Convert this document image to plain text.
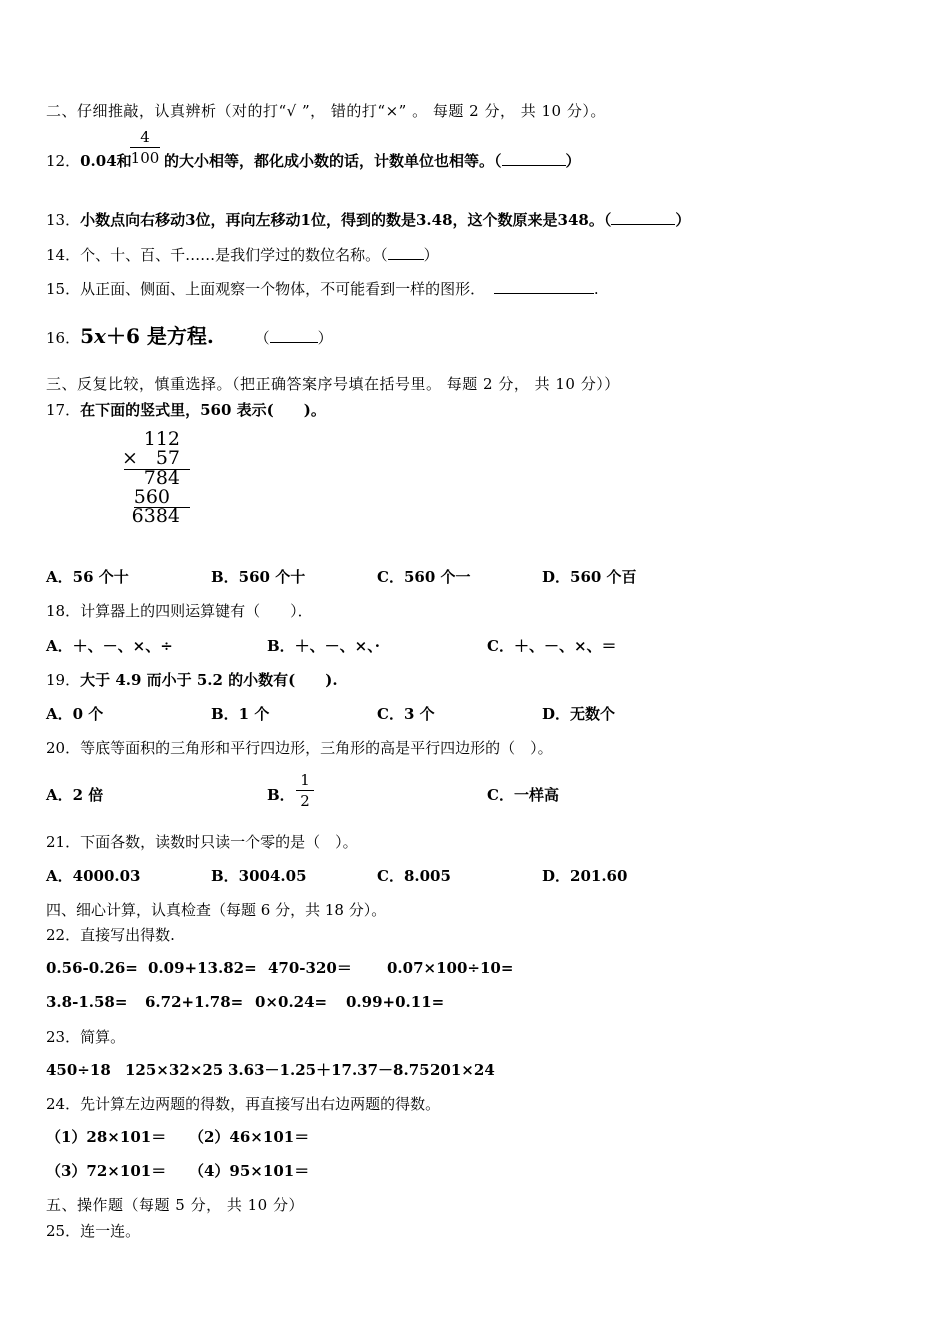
二、仔细推敲，认真辨析（对的打“√ ”， 错的打“×” 。 每题 2 分， 共 10 分）。
12．0.04和
4
100 的大小相等，都化成小数的话，计数单位也相等。（	）
13．小数点向右移动3位，再向左移动1位，得到的数是3.48，这个数原来是348。（	）
14．个、十、百、千……是我们学过的数位名称。（ ）
15．从正面、侧面、上面观察一个物体，不可能看到一样的图形．	.
16．5x＋6 是方程.	（	）
三、反复比较，慎重选择。（把正确答案序号填在括号里。 每题 2 分， 共 10 分））
17．在下面的竖式里，560 表示(　　)。
112
× 57
784
560
6384
A．56 个十	B．560 个十	C．560 个一	D．560 个百
18．计算器上的四则运算键有（　　）．
A．＋、－、×、÷	B．＋、－、×、·	C．＋、－、×、＝
19．大于 4.9 而小于 5.2 的小数有(　　).
A．0 个	B．1 个	C．3 个	D．无数个
20．等底等面积的三角形和平行四边形，三角形的高是平行四边形的（　）。
A．2 倍	B．
1
2	C．一样高
21．下面各数，读数时只读一个零的是（　）。
A．4000.03	B．3004.05	C．8.005	D．201.60
四、细心计算，认真检查（每题 6 分，共 18 分）。
22．直接写出得数.
0.56-0.26= 0.09+13.82= 470-320＝ 0.07×100÷10=
3.8-1.58= 6.72+1.78= 0×0.24= 0.99+0.11=
23．简算。
450÷18 125×32×25 3.63－1.25＋17.37－8.75 201×24
24．先计算左边两题的得数，再直接写出右边两题的得数。
（1）28×101＝ （2）46×101＝
（3）72×101＝ （4）95×101＝
五、操作题（每题 5 分， 共 10 分）
25．连一连。
